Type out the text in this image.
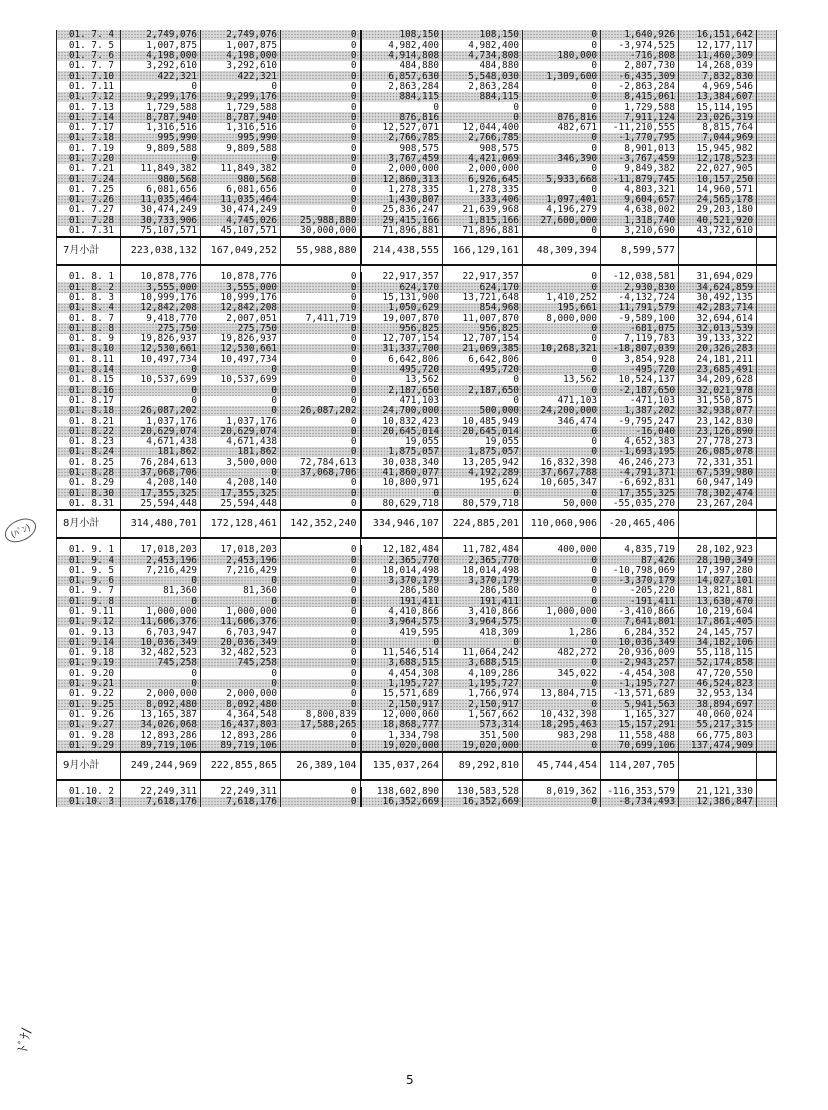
01. 7. 4	2,749,076	2,749,076	0	108,150	108,150	0	1,640,926	16,151,642	
01. 7. 5	1,007,875	1,007,875	0	4,982,400	4,982,400	0	-3,974,525	12,177,117	
01. 7. 6	4,198,000	4,198,000	0	4,914,808	4,734,808	180,000	-716,808	11,460,309	
01. 7. 7	3,292,610	3,292,610	0	484,880	484,880	0	2,807,730	14,268,039	
01. 7.10	422,321	422,321	0	6,857,630	5,548,030	1,309,600	-6,435,309	7,832,830	
01. 7.11	0	0	0	2,863,284	2,863,284	0	-2,863,284	4,969,546	
01. 7.12	9,299,176	9,299,176	0	884,115	884,115	0	8,415,061	13,384,607	
01. 7.13	1,729,588	1,729,588	0	0	0	0	1,729,588	15,114,195	
01. 7.14	8,787,940	8,787,940	0	876,816	0	876,816	7,911,124	23,026,319	
01. 7.17	1,316,516	1,316,516	0	12,527,071	12,044,400	482,671	-11,210,555	8,815,764	
01. 7.18	995,990	995,990	0	2,766,785	2,766,785	0	-1,770,795	7,044,969	
01. 7.19	9,809,588	9,809,588	0	908,575	908,575	0	8,901,013	15,945,982	
01. 7.20	0	0	0	3,767,459	4,421,069	346,390	-3,767,459	12,178,523	
01. 7.21	11,849,382	11,849,382	0	2,000,000	2,000,000	0	9,849,382	22,027,905	
01. 7.24	980,568	980,568	0	12,860,313	6,926,645	5,933,668	-11,879,745	10,157,250	
01. 7.25	6,081,656	6,081,656	0	1,278,335	1,278,335	0	4,803,321	14,960,571	
01. 7.26	11,035,464	11,035,464	0	1,430,807	333,406	1,097,401	9,604,657	24,565,178	
01. 7.27	30,474,249	30,474,249	0	25,836,247	21,639,968	4,196,279	4,638,002	29,203,180	
01. 7.28	30,733,906	4,745,026	25,988,880	29,415,166	1,815,166	27,600,000	1,318,740	40,521,920	
01. 7.31	75,107,571	45,107,571	30,000,000	71,896,881	71,896,881	0	3,210,690	43,732,610	
7月小計	223,038,132	167,049,252	55,988,880	214,438,555	166,129,161	48,309,394	8,599,577		

01. 8. 1	10,878,776	10,878,776	0	22,917,357	22,917,357	0	-12,038,581	31,694,029	
01. 8. 2	3,555,000	3,555,000	0	624,170	624,170	0	2,930,830	34,624,859	
01. 8. 3	10,999,176	10,999,176	0	15,131,900	13,721,648	1,410,252	-4,132,724	30,492,135	
01. 8. 4	12,842,208	12,842,208	0	1,050,629	854,968	195,661	11,791,579	42,283,714	
01. 8. 7	9,418,770	2,007,051	7,411,719	19,007,870	11,007,870	8,000,000	-9,589,100	32,694,614	
01. 8. 8	275,750	275,750	0	956,825	956,825	0	-681,075	32,013,539	
01. 8. 9	19,826,937	19,826,937	0	12,707,154	12,707,154	0	7,119,783	39,133,322	
01. 8.10	12,530,661	12,530,661	0	31,337,700	21,069,385	10,268,321	-18,807,039	20,326,283	
01. 8.11	10,497,734	10,497,734	0	6,642,806	6,642,806	0	3,854,928	24,181,211	
01. 8.14	0	0	0	495,720	495,720	0	-495,720	23,685,491	
01. 8.15	10,537,699	10,537,699	0	13,562	0	13,562	10,524,137	34,209,628	
01. 8.16	0	0	0	2,187,650	2,187,650	0	-2,187,650	32,021,978	
01. 8.17	0	0	0	471,103	0	471,103	-471,103	31,550,875	
01. 8.18	26,087,202	0	26,087,202	24,700,000	500,000	24,200,000	1,387,202	32,938,077	
01. 8.21	1,037,176	1,037,176	0	10,832,423	10,485,949	346,474	-9,795,247	23,142,830	
01. 8.22	20,629,074	20,629,074	0	20,645,014	20,645,014	0	-16,040	23,126,890	
01. 8.23	4,671,438	4,671,438	0	19,055	19,055	0	4,652,383	27,778,273	
01. 8.24	181,862	181,862	0	1,875,057	1,875,057	0	-1,693,195	26,085,078	
01. 8.25	76,284,613	3,500,000	72,784,613	30,038,340	13,205,942	16,832,398	46,246,273	72,331,351	
01. 8.28	37,068,706	0	37,068,706	41,860,077	4,192,289	37,667,788	-4,791,371	67,539,980	
01. 8.29	4,208,140	4,208,140	0	10,800,971	195,624	10,605,347	-6,692,831	60,947,149	
01. 8.30	17,355,325	17,355,325	0	0	0	0	17,355,325	78,302,474	
01. 8.31	25,594,448	25,594,448	0	80,629,718	80,579,718	50,000	-55,035,270	23,267,204	
8月小計	314,480,701	172,128,461	142,352,240	334,946,107	224,885,201	110,060,906	-20,465,406		

01. 9. 1	17,018,203	17,018,203	0	12,182,484	11,782,484	400,000	4,835,719	28,102,923	
01. 9. 4	2,453,196	2,453,196	0	2,365,770	2,365,770	0	87,426	28,190,349	
01. 9. 5	7,216,429	7,216,429	0	18,014,498	18,014,498	0	-10,798,069	17,397,280	
01. 9. 6	0	0	0	3,370,179	3,370,179	0	-3,370,179	14,027,101	
01. 9. 7	81,360	81,360	0	286,580	286,580	0	-205,220	13,821,881	
01. 9. 8	0	0	0	191,411	191,411	0	-191,411	13,630,470	
01. 9.11	1,000,000	1,000,000	0	4,410,866	3,410,866	1,000,000	-3,410,866	10,219,604	
01. 9.12	11,606,376	11,606,376	0	3,964,575	3,964,575	0	7,641,801	17,861,405	
01. 9.13	6,703,947	6,703,947	0	419,595	418,309	1,286	6,284,352	24,145,757	
01. 9.14	10,036,349	20,036,349	0	0	0	0	10,036,349	34,182,106	
01. 9.18	32,482,523	32,482,523	0	11,546,514	11,064,242	482,272	20,936,009	55,118,115	
01. 9.19	745,258	745,258	0	3,688,515	3,688,515	0	-2,943,257	52,174,858	
01. 9.20	0	0	0	4,454,308	4,109,286	345,022	-4,454,308	47,720,550	
01. 9.21	0	0	0	1,195,727	1,195,727	0	-1,195,727	46,524,823	
01. 9.22	2,000,000	2,000,000	0	15,571,689	1,766,974	13,804,715	-13,571,689	32,953,134	
01. 9.25	8,092,480	8,092,480	0	2,150,917	2,150,917	0	5,941,563	38,894,697	
01. 9.26	13,165,387	4,364,548	8,800,839	12,000,060	1,567,662	10,432,398	1,165,327	40,060,024	
01. 9.27	34,026,068	16,437,803	17,588,265	18,868,777	573,314	18,295,463	15,157,291	55,217,315	
01. 9.28	12,893,286	12,893,286	0	1,334,798	351,500	983,298	11,558,488	66,775,803	
01. 9.29	89,719,106	89,719,106	0	19,020,000	19,020,000	0	70,699,106	137,474,909	
9月小計	249,244,969	222,855,865	26,389,104	135,037,264	89,292,810	45,744,454	114,207,705		

01.10. 2	22,249,311	22,249,311	0	138,602,890	130,583,528	8,019,362	-116,353,579	21,121,330	
01.10. 3	7,618,176	7,618,176	0	16,352,669	16,352,669	0	-8,734,493	12,386,847	
(ﾊﾟﾝ)
ﾄﾞﾅ/
5
